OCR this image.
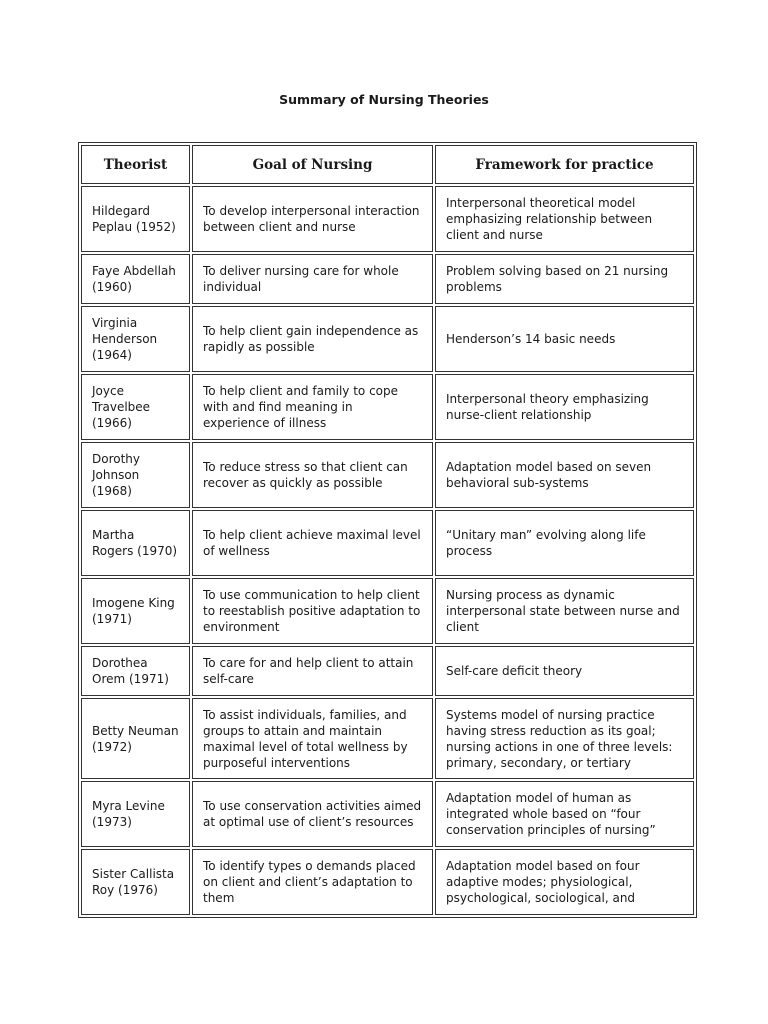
Summary of Nursing Theories
Theorist	Goal of Nursing	Framework for practice
Hildegard Peplau (1952)	To develop interpersonal interaction between client and nurse	Interpersonal theoretical model emphasizing relationship between client and nurse
Faye Abdellah (1960)	To deliver nursing care for whole individual	Problem solving based on 21 nursing problems
Virginia Henderson (1964)	To help client gain independence as rapidly as possible	Henderson’s 14 basic needs
Joyce Travelbee (1966)	To help client and family to cope with and find meaning in experience of illness	Interpersonal theory emphasizing nurse-client relationship
Dorothy Johnson (1968)	To reduce stress so that client can recover as quickly as possible	Adaptation model based on seven behavioral sub-systems
Martha Rogers (1970)	To help client achieve maximal level of wellness	“Unitary man” evolving along life process
Imogene King (1971)	To use communication to help client to reestablish positive adaptation to environment	Nursing process as dynamic interpersonal state between nurse and client
Dorothea Orem (1971)	To care for and help client to attain self-care	Self-care deficit theory
Betty Neuman (1972)	To assist individuals, families, and groups to attain and maintain maximal level of total wellness by purposeful interventions	Systems model of nursing practice having stress reduction as its goal; nursing actions in one of three levels: primary, secondary, or tertiary
Myra Levine (1973)	To use conservation activities aimed at optimal use of client’s resources	Adaptation model of human as integrated whole based on “four conservation principles of nursing”
Sister Callista Roy (1976)	To identify types o demands placed on client and client’s adaptation to them	Adaptation model based on four adaptive modes; physiological, psychological, sociological, and
